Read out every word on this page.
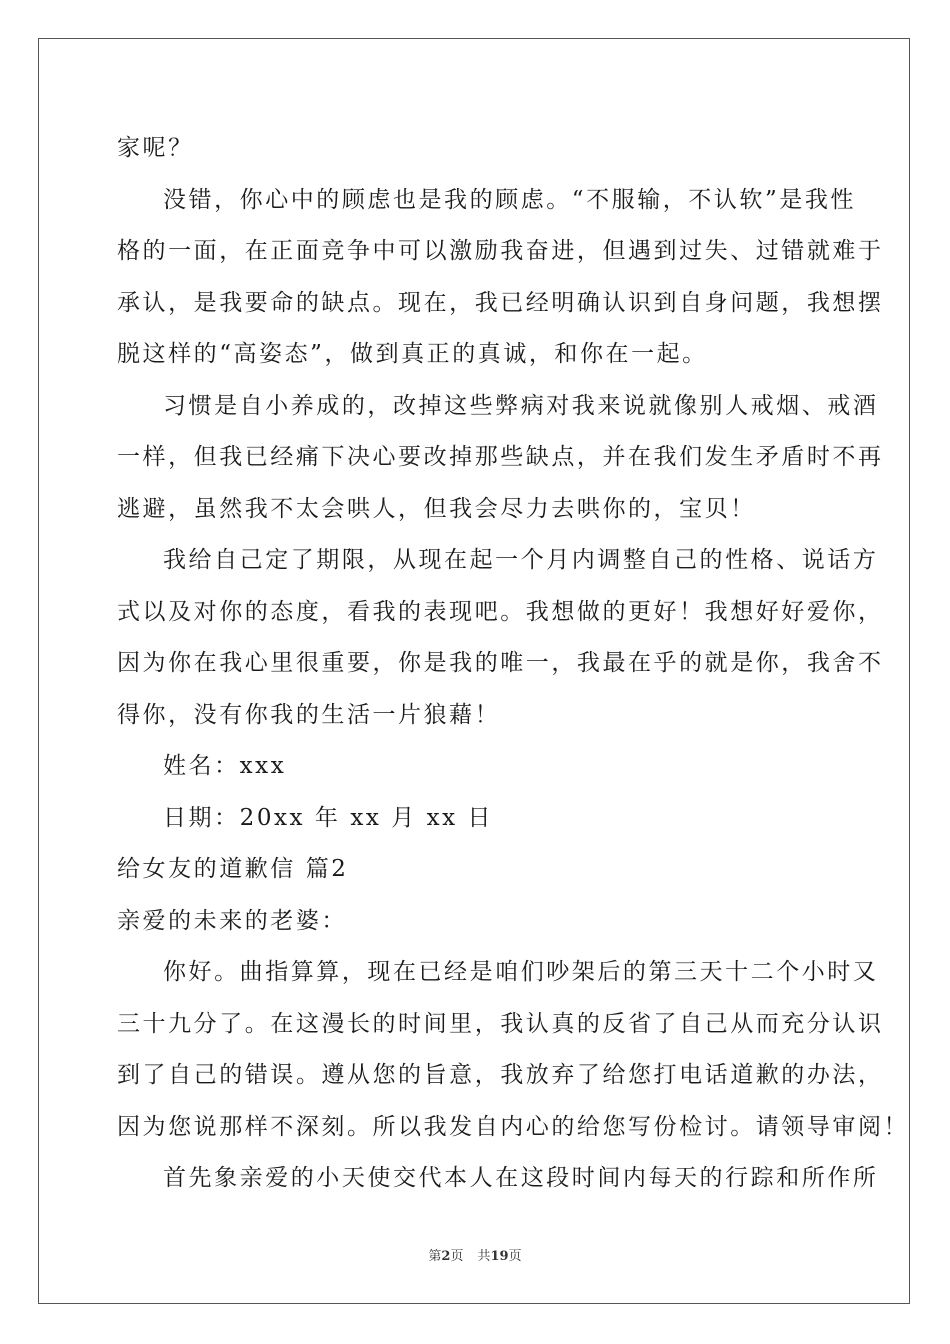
家呢？

没错，你心中的顾虑也是我的顾虑。“不服输，不认软”是我性

格的一面，在正面竞争中可以激励我奋进，但遇到过失、过错就难于

承认，是我要命的缺点。现在，我已经明确认识到自身问题，我想摆

脱这样的“高姿态”，做到真正的真诚，和你在一起。

习惯是自小养成的，改掉这些弊病对我来说就像别人戒烟、戒酒

一样，但我已经痛下决心要改掉那些缺点，并在我们发生矛盾时不再

逃避，虽然我不太会哄人，但我会尽力去哄你的，宝贝！

我给自己定了期限，从现在起一个月内调整自己的性格、说话方

式以及对你的态度，看我的表现吧。我想做的更好！我想好好爱你，

因为你在我心里很重要，你是我的唯一，我最在乎的就是你，我舍不

得你，没有你我的生活一片狼藉！

姓名：xxx

日期：20xx 年 xx 月 xx 日

给女友的道歉信 篇2

亲爱的未来的老婆：

你好。曲指算算，现在已经是咱们吵架后的第三天十二个小时又

三十九分了。在这漫长的时间里，我认真的反省了自己从而充分认识

到了自己的错误。遵从您的旨意，我放弃了给您打电话道歉的办法，

因为您说那样不深刻。所以我发自内心的给您写份检讨。请领导审阅！

首先象亲爱的小天使交代本人在这段时间内每天的行踪和所作所

第2页 共19页
